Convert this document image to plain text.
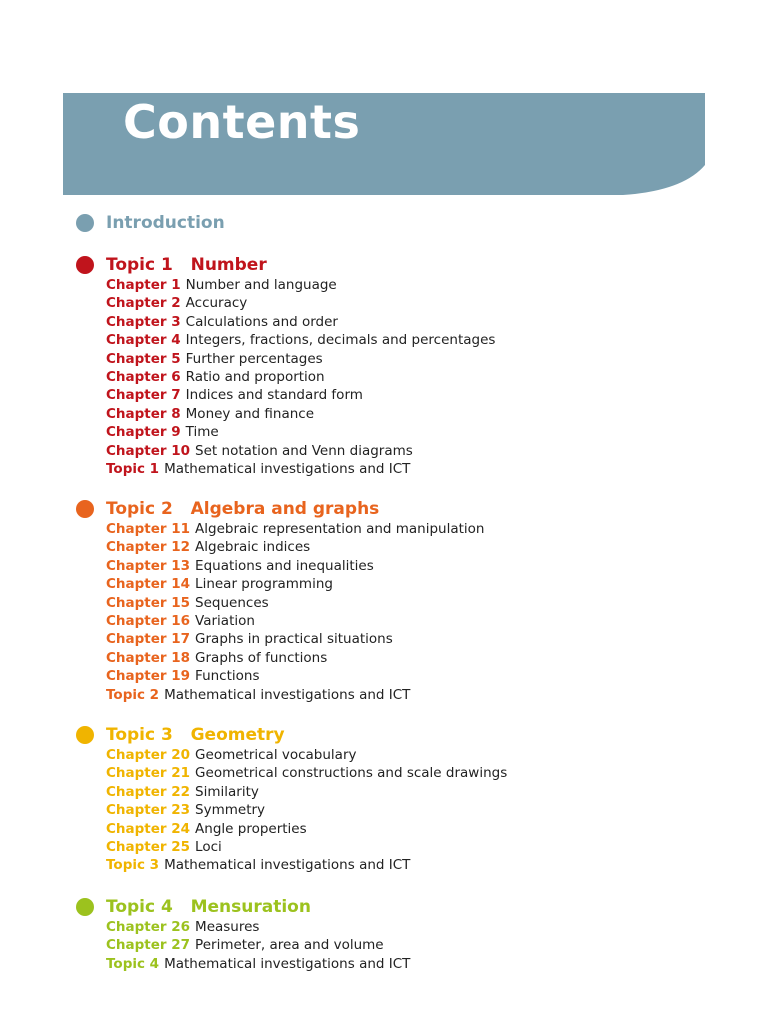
Contents
Introduction
Topic 1   Number
Chapter 1 Number and language
Chapter 2 Accuracy
Chapter 3 Calculations and order
Chapter 4 Integers, fractions, decimals and percentages
Chapter 5 Further percentages
Chapter 6 Ratio and proportion
Chapter 7 Indices and standard form
Chapter 8 Money and finance
Chapter 9 Time
Chapter 10 Set notation and Venn diagrams
Topic 1 Mathematical investigations and ICT
Topic 2   Algebra and graphs
Chapter 11 Algebraic representation and manipulation
Chapter 12 Algebraic indices
Chapter 13 Equations and inequalities
Chapter 14 Linear programming
Chapter 15 Sequences
Chapter 16 Variation
Chapter 17 Graphs in practical situations
Chapter 18 Graphs of functions
Chapter 19 Functions
Topic 2 Mathematical investigations and ICT
Topic 3   Geometry
Chapter 20 Geometrical vocabulary
Chapter 21 Geometrical constructions and scale drawings
Chapter 22 Similarity
Chapter 23 Symmetry
Chapter 24 Angle properties
Chapter 25 Loci
Topic 3 Mathematical investigations and ICT
Topic 4   Mensuration
Chapter 26 Measures
Chapter 27 Perimeter, area and volume
Topic 4 Mathematical investigations and ICT
